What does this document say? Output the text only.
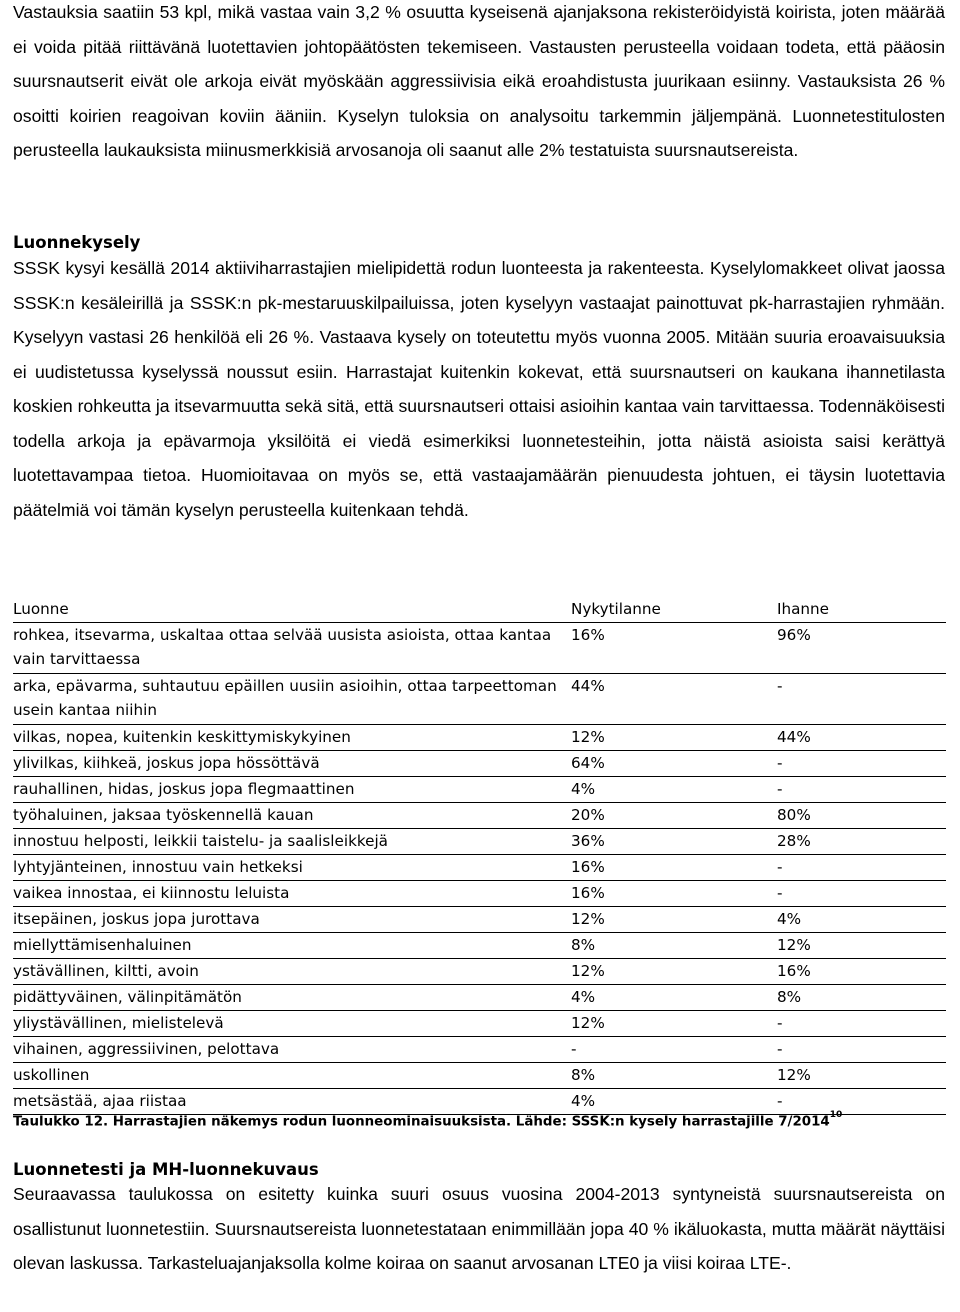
Vastauksia saatiin 53 kpl, mikä vastaa vain 3,2 % osuutta kyseisenä ajanjaksona rekisteröidyistä koirista, joten määrää ei voida pitää riittävänä luotettavien johtopäätösten tekemiseen. Vastausten perusteella voidaan todeta, että pääosin suursnautserit eivät ole arkoja eivät myöskään aggressiivisia eikä eroahdistusta juurikaan esiinny. Vastauksista 26 % osoitti koirien reagoivan koviin ääniin. Kyselyn tuloksia on analysoitu tarkemmin jäljempänä. Luonnetestitulosten perusteella laukauksista miinusmerkkisiä arvosanoja oli saanut alle 2% testatuista suursnautsereista.

Luonnekysely

SSSK kysyi kesällä 2014 aktiiviharrastajien mielipidettä rodun luonteesta ja rakenteesta. Kyselylomakkeet olivat jaossa SSSK:n kesäleirillä ja SSSK:n pk-mestaruuskilpailuissa, joten kyselyyn vastaajat painottuvat pk-harrastajien ryhmään. Kyselyyn vastasi 26 henkilöä eli 26 %. Vastaava kysely on toteutettu myös vuonna 2005. Mitään suuria eroavaisuuksia ei uudistetussa kyselyssä noussut esiin. Harrastajat kuitenkin kokevat, että suursnautseri on kaukana ihannetilasta koskien rohkeutta ja itsevarmuutta sekä sitä, että suursnautseri ottaisi asioihin kantaa vain tarvittaessa. Todennäköisesti todella arkoja ja epävarmoja yksilöitä ei viedä esimerkiksi luonnetesteihin, jotta näistä asioista saisi kerättyä luotettavampaa tietoa. Huomioitavaa on myös se, että vastaajamäärän pienuudesta johtuen, ei täysin luotettavia päätelmiä voi tämän kyselyn perusteella kuitenkaan tehdä.

Luonne	Nykytilanne	Ihanne
rohkea, itsevarma, uskaltaa ottaa selvää uusista asioista, ottaa kantaa vain tarvittaessa	16%	96%
arka, epävarma, suhtautuu epäillen uusiin asioihin, ottaa tarpeettoman usein kantaa niihin	44%	-
vilkas, nopea, kuitenkin keskittymiskykyinen	12%	44%
ylivilkas, kiihkeä, joskus jopa hössöttävä	64%	-
rauhallinen, hidas, joskus jopa flegmaattinen	4%	-
työhaluinen, jaksaa työskennellä kauan	20%	80%
innostuu helposti, leikkii taistelu- ja saalisleikkejä	36%	28%
lyhtyjänteinen, innostuu vain hetkeksi	16%	-
vaikea innostaa, ei kiinnostu leluista	16%	-
itsepäinen, joskus jopa jurottava	12%	4%
miellyttämisenhaluinen	8%	12%
ystävällinen, kiltti, avoin	12%	16%
pidättyväinen, välinpitämätön	4%	8%
yliystävällinen, mielistelevä	12%	-
vihainen, aggressiivinen, pelottava	-	-
uskollinen	8%	12%
metsästää, ajaa riistaa	4%	-
Taulukko 12. Harrastajien näkemys rodun luonneominaisuuksista. Lähde: SSSK:n kysely harrastajille 7/2014$^{10}$
Luonnetesti ja MH-luonnekuvaus

Seuraavassa taulukossa on esitetty kuinka suuri osuus vuosina 2004-2013 syntyneistä suursnautsereista on osallistunut luonnetestiin. Suursnautsereista luonnetestataan enimmillään jopa 40 % ikäluokasta, mutta määrät näyttäisi olevan laskussa. Tarkasteluajanjaksolla kolme koiraa on saanut arvosanan LTE0 ja viisi koiraa LTE-.
